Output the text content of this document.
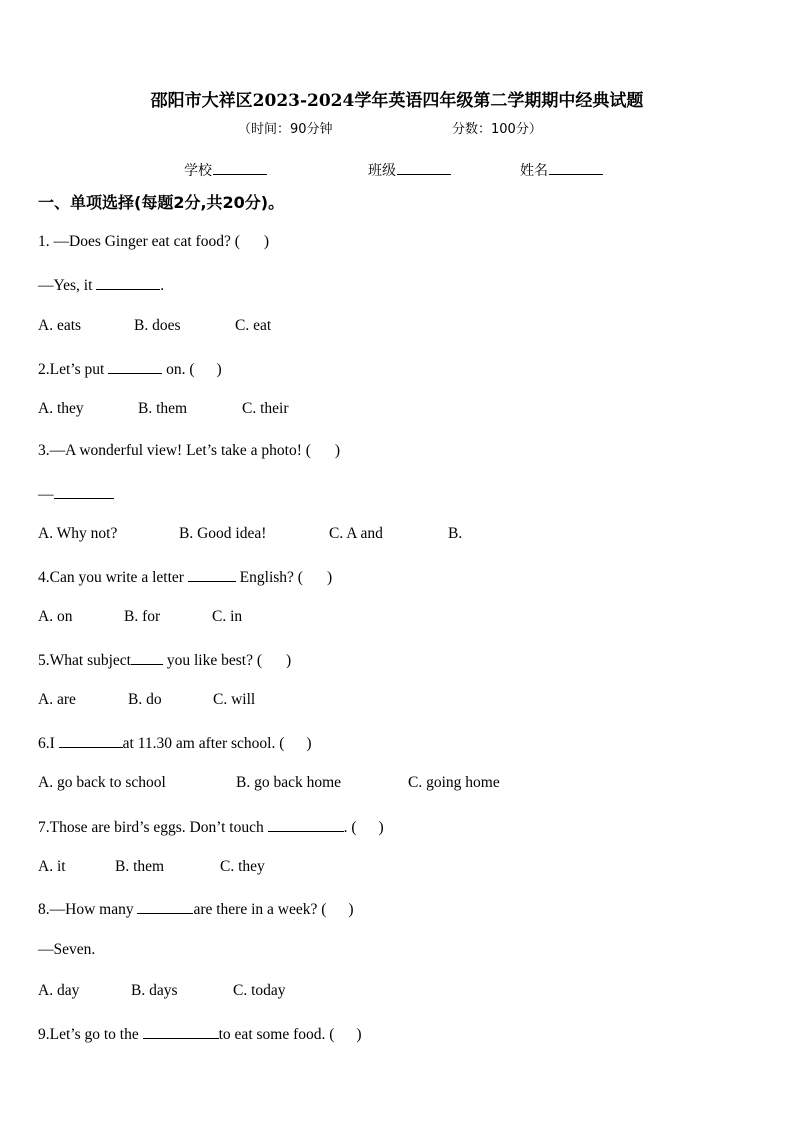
邵阳市大祥区2023-2024学年英语四年级第二学期期中经典试题
（时间：90分钟	分数：100分）
学校	班级	姓名
一、单项选择(每题2分,共20分)。
1. —Does Ginger eat cat food? ( )
—Yes, it	.
A. eats	B. does	C. eat
2.Let’s put	on. ( )
A. they	B. them	C. their
3.—A wonderful view! Let’s take a photo! ( )
—
A. Why not?	B. Good idea!	C. A and	B.
4.Can you write a letter	English? ( )
A. on	B. for	C. in
5.What subject you like best? ( )
A. are	B. do	C. will
6.I	at 11.30 am after school. ( )
A. go back to school	B. go back home	C. going home
7.Those are bird’s eggs. Don’t touch	. ( )
A. it	B. them	C. they
8.—How many	are there in a week? ( )
—Seven.
A. day	B. days	C. today
9.Let’s go to the	to eat some food. ( )
